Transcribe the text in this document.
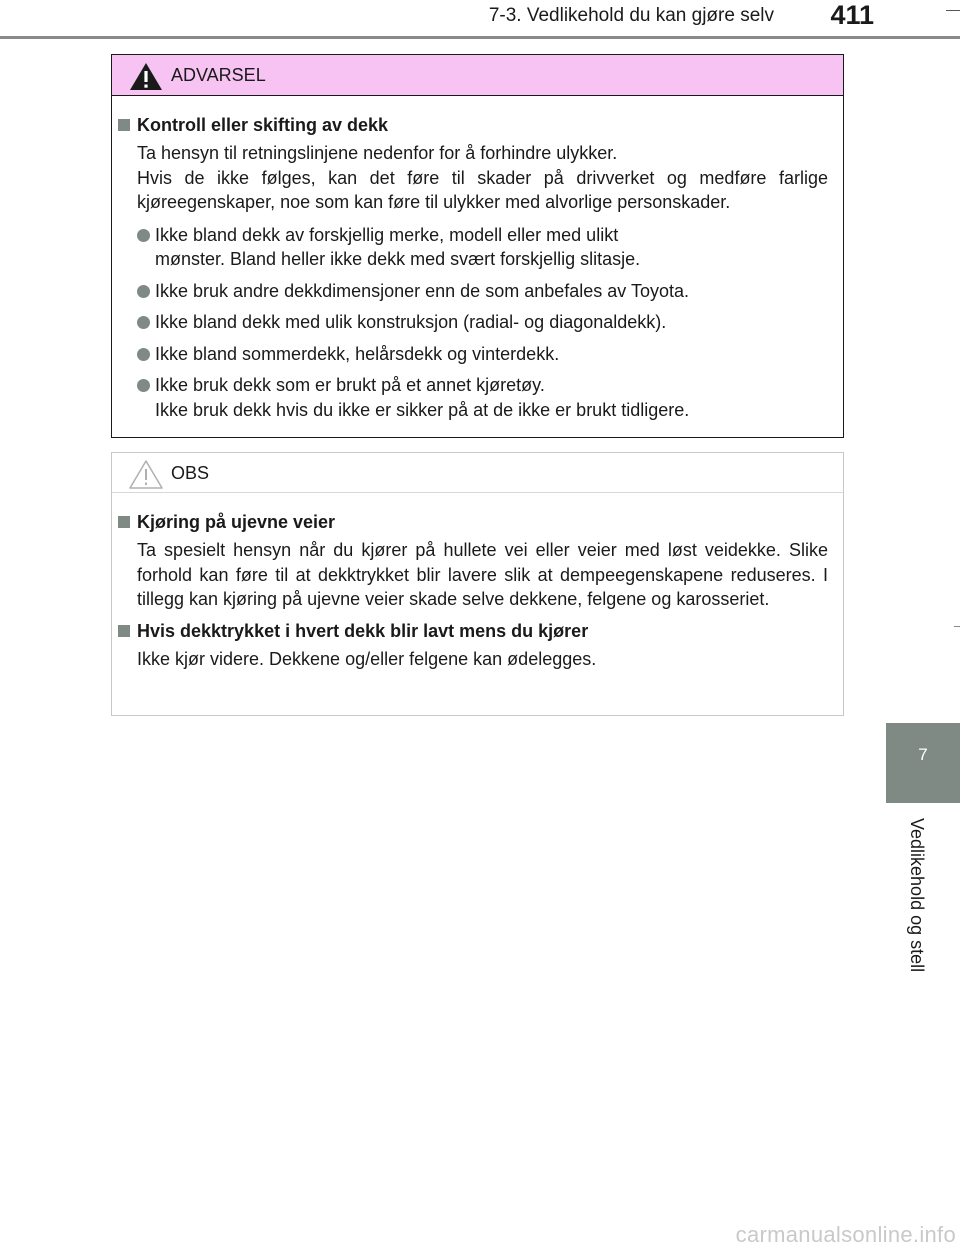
7-3. Vedlikehold du kan gjøre selv 411
7
Vedlikehold og stell
ADVARSEL
Kontroll eller skifting av dekk

Ta hensyn til retningslinjene nedenfor for å forhindre ulykker.

Hvis de ikke følges, kan det føre til skader på drivverket og medføre farlige kjøreegenskaper, noe som kan føre til ulykker med alvorlige personskader.

Ikke bland dekk av forskjellig merke, modell eller med ulikt
mønster. Bland heller ikke dekk med svært forskjellig slitasje.
Ikke bruk andre dekkdimensjoner enn de som anbefales av Toyota.
Ikke bland dekk med ulik konstruksjon (radial- og diagonaldekk).
Ikke bland sommerdekk, helårsdekk og vinterdekk.
Ikke bruk dekk som er brukt på et annet kjøretøy.
Ikke bruk dekk hvis du ikke er sikker på at de ikke er brukt tidligere.
OBS
Kjøring på ujevne veier

Ta spesielt hensyn når du kjører på hullete vei eller veier med løst veidekke. Slike forhold kan føre til at dekktrykket blir lavere slik at dempeegenskapene reduseres. I tillegg kan kjøring på ujevne veier skade selve dekkene, felgene og karosseriet.

Hvis dekktrykket i hvert dekk blir lavt mens du kjører

Ikke kjør videre. Dekkene og/eller felgene kan ødelegges.

carmanualsonline.info
